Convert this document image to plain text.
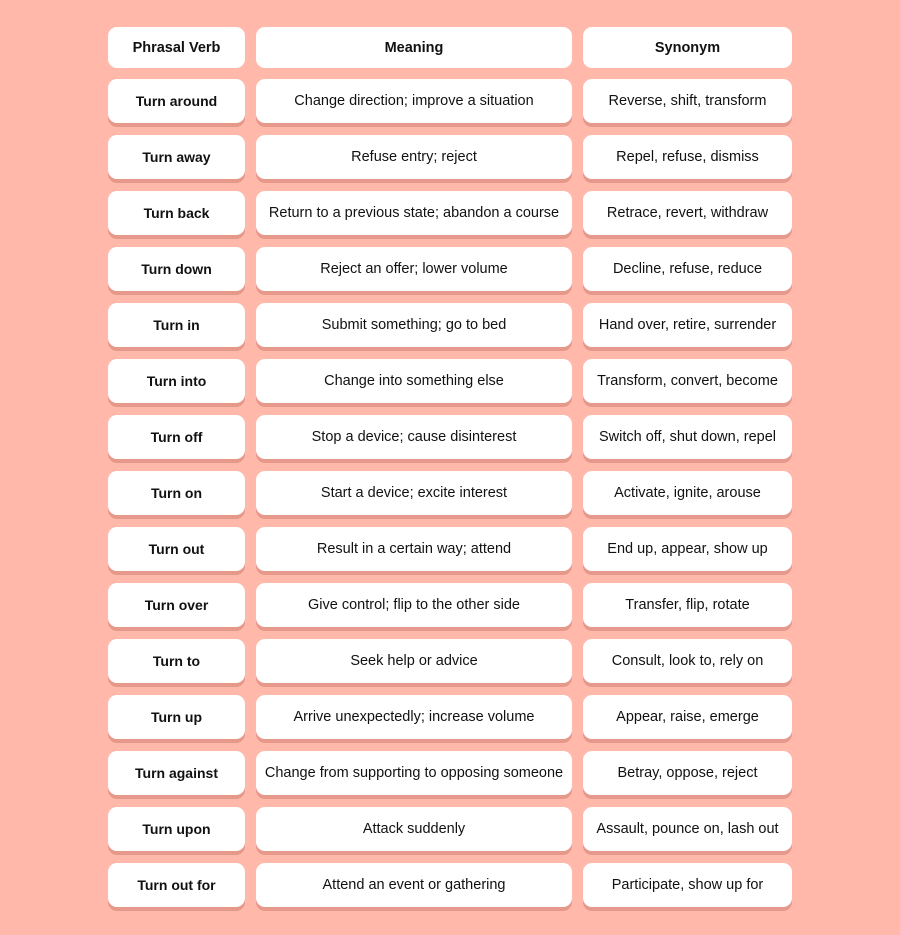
Phrasal Verb	Meaning	Synonym
Turn around	Change direction; improve a situation	Reverse, shift, transform
Turn away	Refuse entry; reject	Repel, refuse, dismiss
Turn back	Return to a previous state; abandon a course	Retrace, revert, withdraw
Turn down	Reject an offer; lower volume	Decline, refuse, reduce
Turn in	Submit something; go to bed	Hand over, retire, surrender
Turn into	Change into something else	Transform, convert, become
Turn off	Stop a device; cause disinterest	Switch off, shut down, repel
Turn on	Start a device; excite interest	Activate, ignite, arouse
Turn out	Result in a certain way; attend	End up, appear, show up
Turn over	Give control; flip to the other side	Transfer, flip, rotate
Turn to	Seek help or advice	Consult, look to, rely on
Turn up	Arrive unexpectedly; increase volume	Appear, raise, emerge
Turn against	Change from supporting to opposing someone	Betray, oppose, reject
Turn upon	Attack suddenly	Assault, pounce on, lash out
Turn out for	Attend an event or gathering	Participate, show up for
